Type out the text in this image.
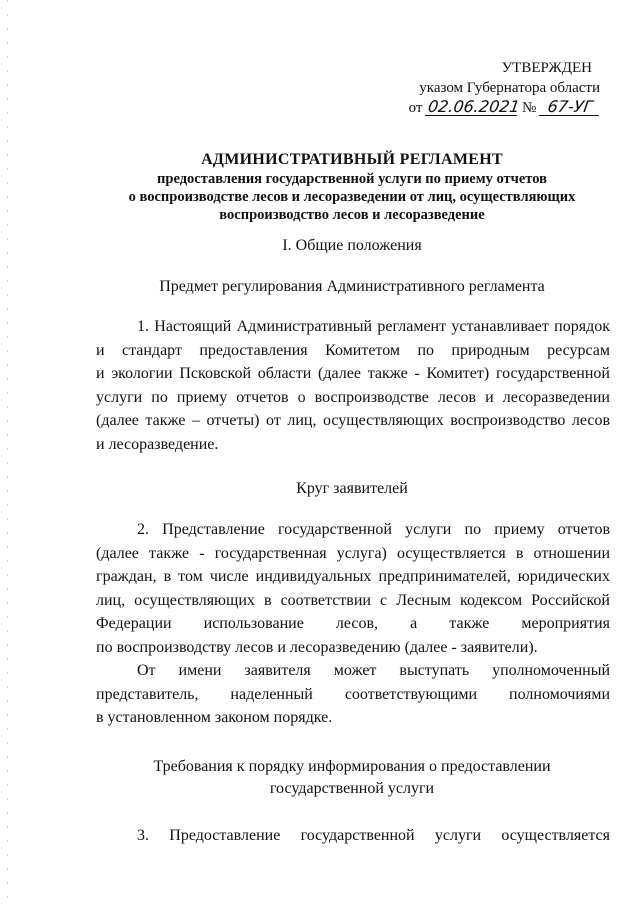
УТВЕРЖДЕН
указом Губернатора области
от 02.06.2021 № 67-УГ
АДМИНИСТРАТИВНЫЙ РЕГЛАМЕНТ
предоставления государственной услуги по приему отчетов
о воспроизводстве лесов и лесоразведении от лиц, осуществляющих
воспроизводство лесов и лесоразведение
I. Общие положения
Предмет регулирования Административного регламента
1. Настоящий Административный регламент устанавливает порядок
и стандарт предоставления Комитетом по природным ресурсам
и экологии Псковской области (далее также - Комитет) государственной
услуги по приему отчетов о воспроизводстве лесов и лесоразведении
(далее также – отчеты) от лиц, осуществляющих воспроизводство лесов
и лесоразведение.
Круг заявителей
2. Представление государственной услуги по приему отчетов
(далее также - государственная услуга) осуществляется в отношении
граждан, в том числе индивидуальных предпринимателей, юридических
лиц, осуществляющих в соответствии с Лесным кодексом Российской
Федерации использование лесов, а также мероприятия
по воспроизводству лесов и лесоразведению (далее - заявители).
От имени заявителя может выступать уполномоченный
представитель, наделенный соответствующими полномочиями
в установленном законом порядке.
Требования к порядку информирования о предоставлении
государственной услуги
3. Предоставление государственной услуги осуществляется
